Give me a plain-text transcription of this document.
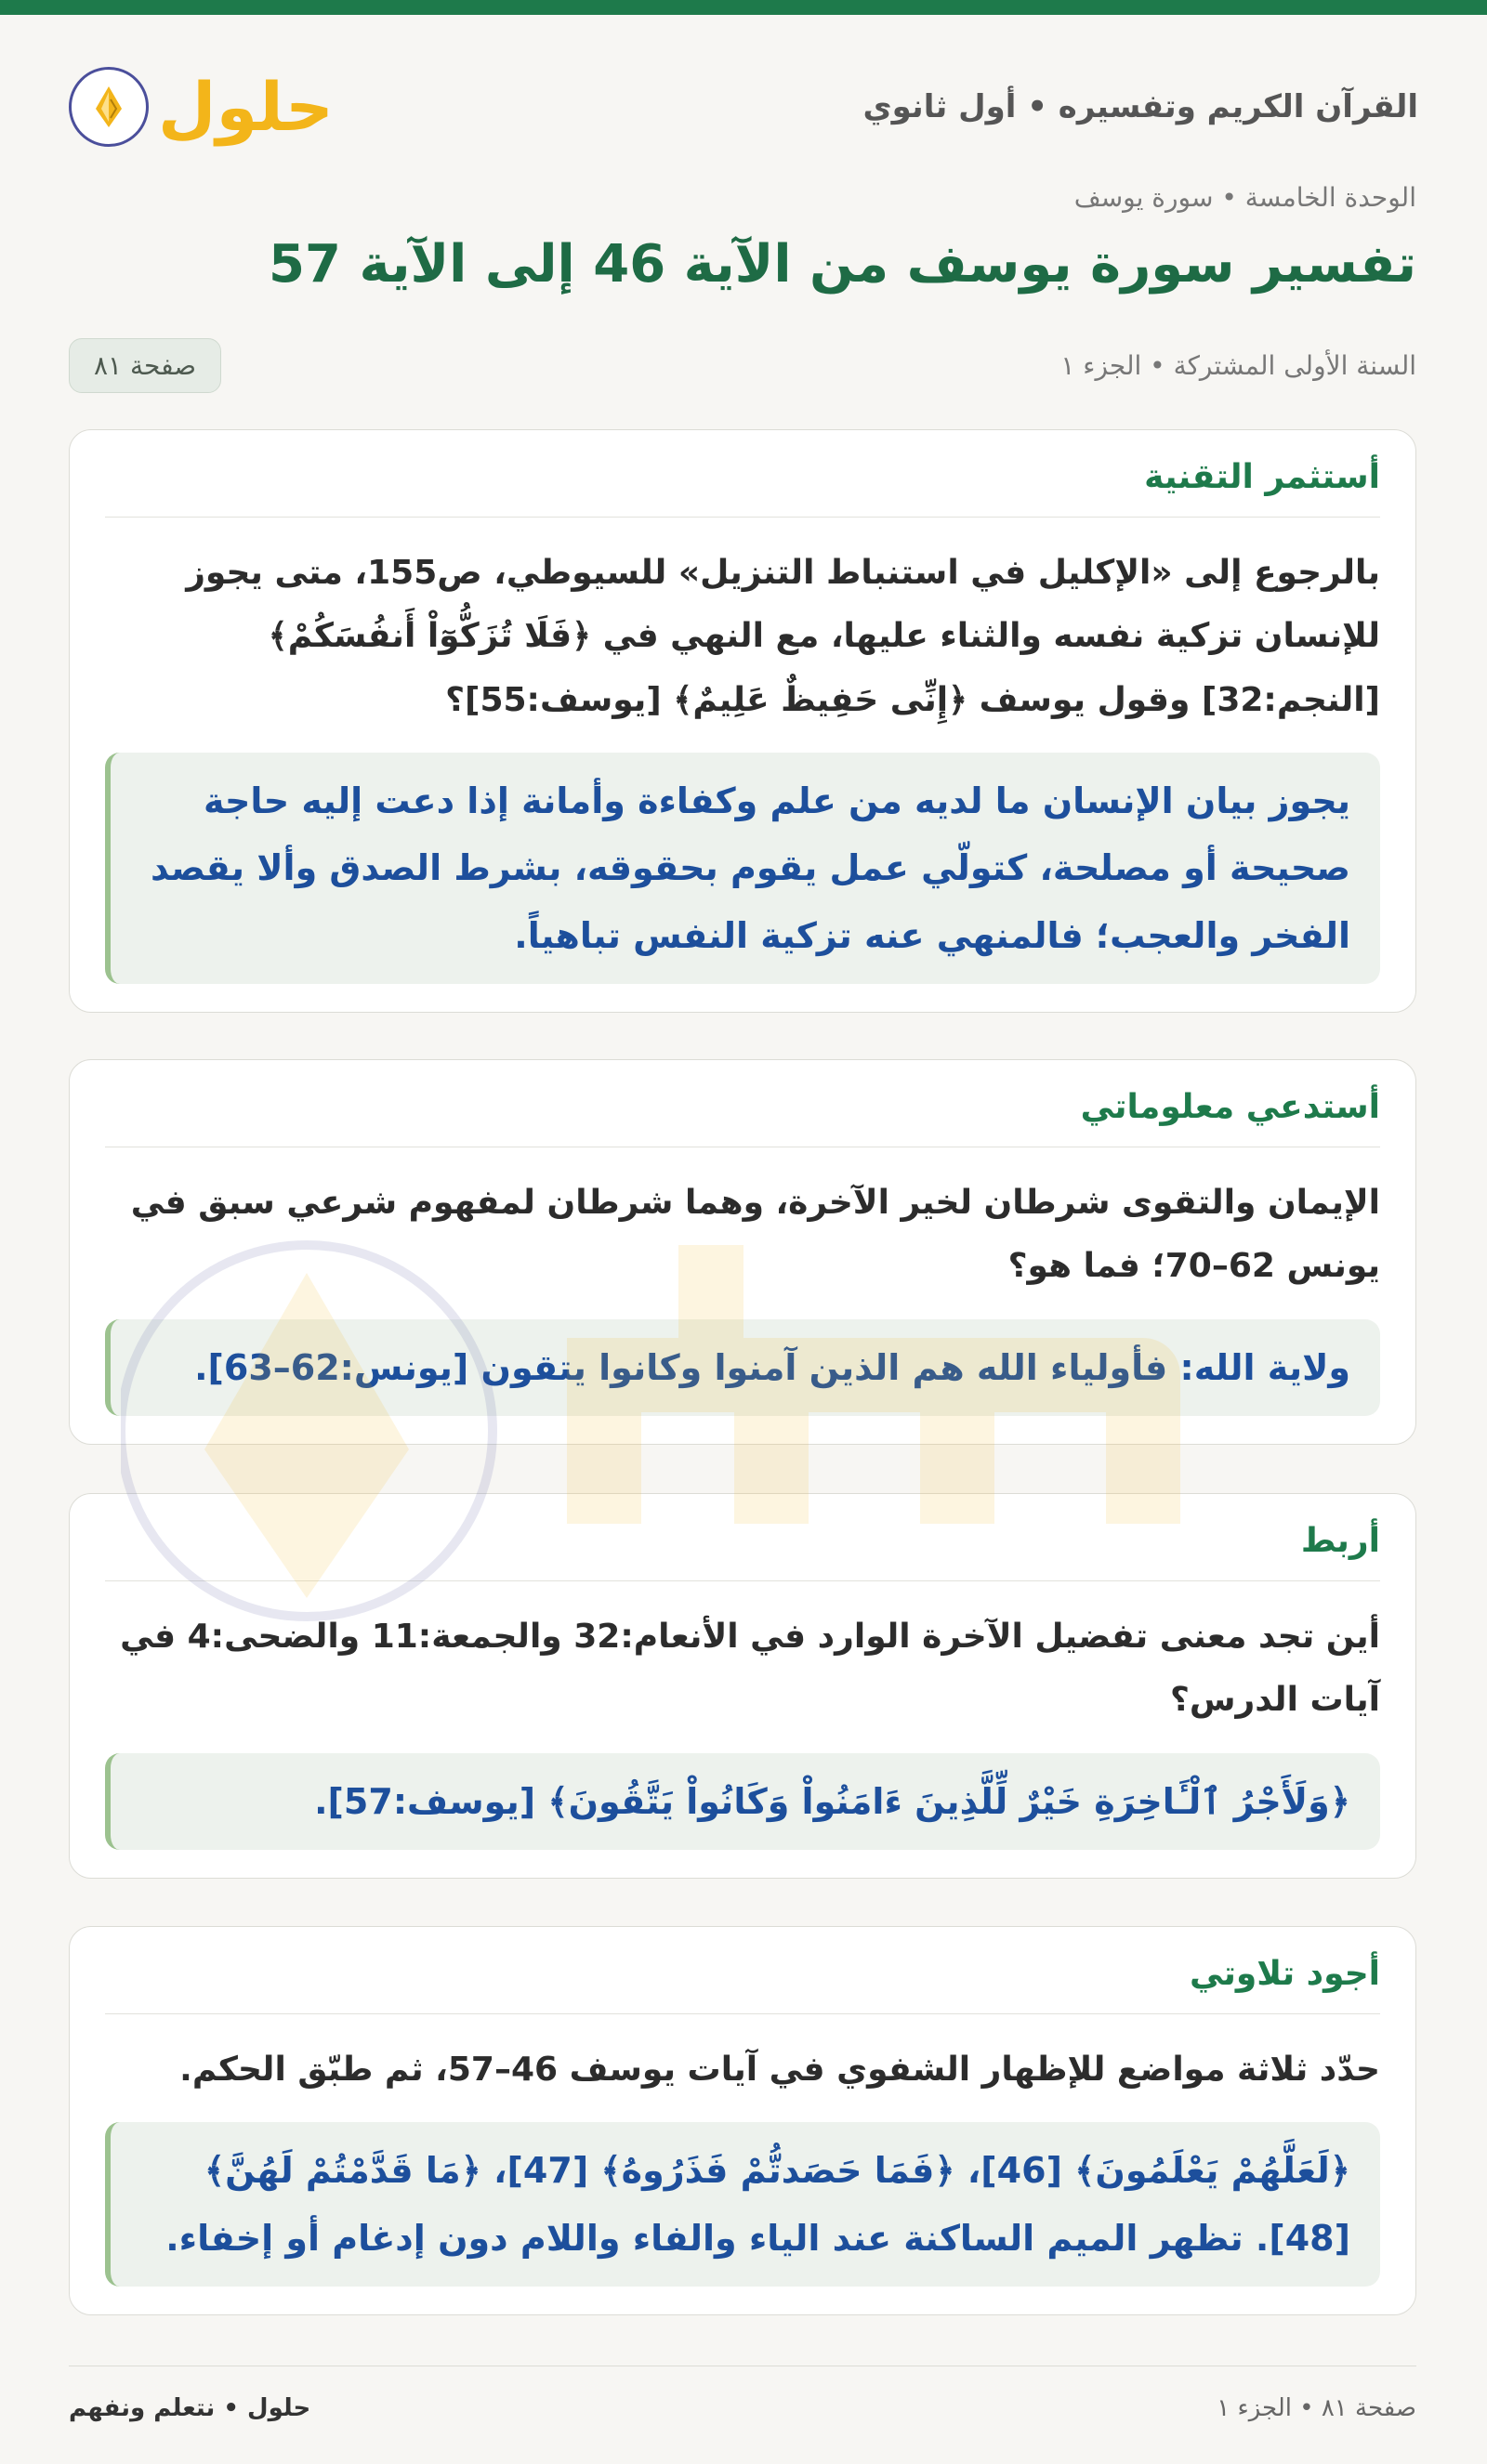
القرآن الكريم وتفسيره • أول ثانوي
حلول
الوحدة الخامسة • سورة يوسف
تفسير سورة يوسف من الآية 46 إلى الآية 57
السنة الأولى المشتركة • الجزء ١
صفحة ٨١
أستثمر التقنية

بالرجوع إلى «الإكليل في استنباط التنزيل» للسيوطي، ص155، متى يجوز للإنسان تزكية نفسه والثناء عليها، مع النهي في ﴿فَلَا تُزَكُّوٓاْ أَنفُسَكُمْ﴾ [النجم:32] وقول يوسف ﴿إِنِّى حَفِيظٌ عَلِيمٌ﴾ [يوسف:55]؟

يجوز بيان الإنسان ما لديه من علم وكفاءة وأمانة إذا دعت إليه حاجة صحيحة أو مصلحة، كتولّي عمل يقوم بحقوقه، بشرط الصدق وألا يقصد الفخر والعجب؛ فالمنهي عنه تزكية النفس تباهياً.
أستدعي معلوماتي

الإيمان والتقوى شرطان لخير الآخرة، وهما شرطان لمفهوم شرعي سبق في يونس 62–70؛ فما هو؟

ولاية الله: فأولياء الله هم الذين آمنوا وكانوا يتقون [يونس:62–63].
أربط

أين تجد معنى تفضيل الآخرة الوارد في الأنعام:32 والجمعة:11 والضحى:4 في آيات الدرس؟

﴿وَلَأَجْرُ ٱلْـَٔاخِرَةِ خَيْرٌ لِّلَّذِينَ ءَامَنُواْ وَكَانُواْ يَتَّقُونَ﴾ [يوسف:57].
أجود تلاوتي

حدّد ثلاثة مواضع للإظهار الشفوي في آيات يوسف 46–57، ثم طبّق الحكم.

﴿لَعَلَّهُمْ يَعْلَمُونَ﴾ [46]، ﴿فَمَا حَصَدتُّمْ فَذَرُوهُ﴾ [47]، ﴿مَا قَدَّمْتُمْ لَهُنَّ﴾ [48]. تظهر الميم الساكنة عند الياء والفاء واللام دون إدغام أو إخفاء.
صفحة ٨١ • الجزء ١
حلول • نتعلم ونفهم
